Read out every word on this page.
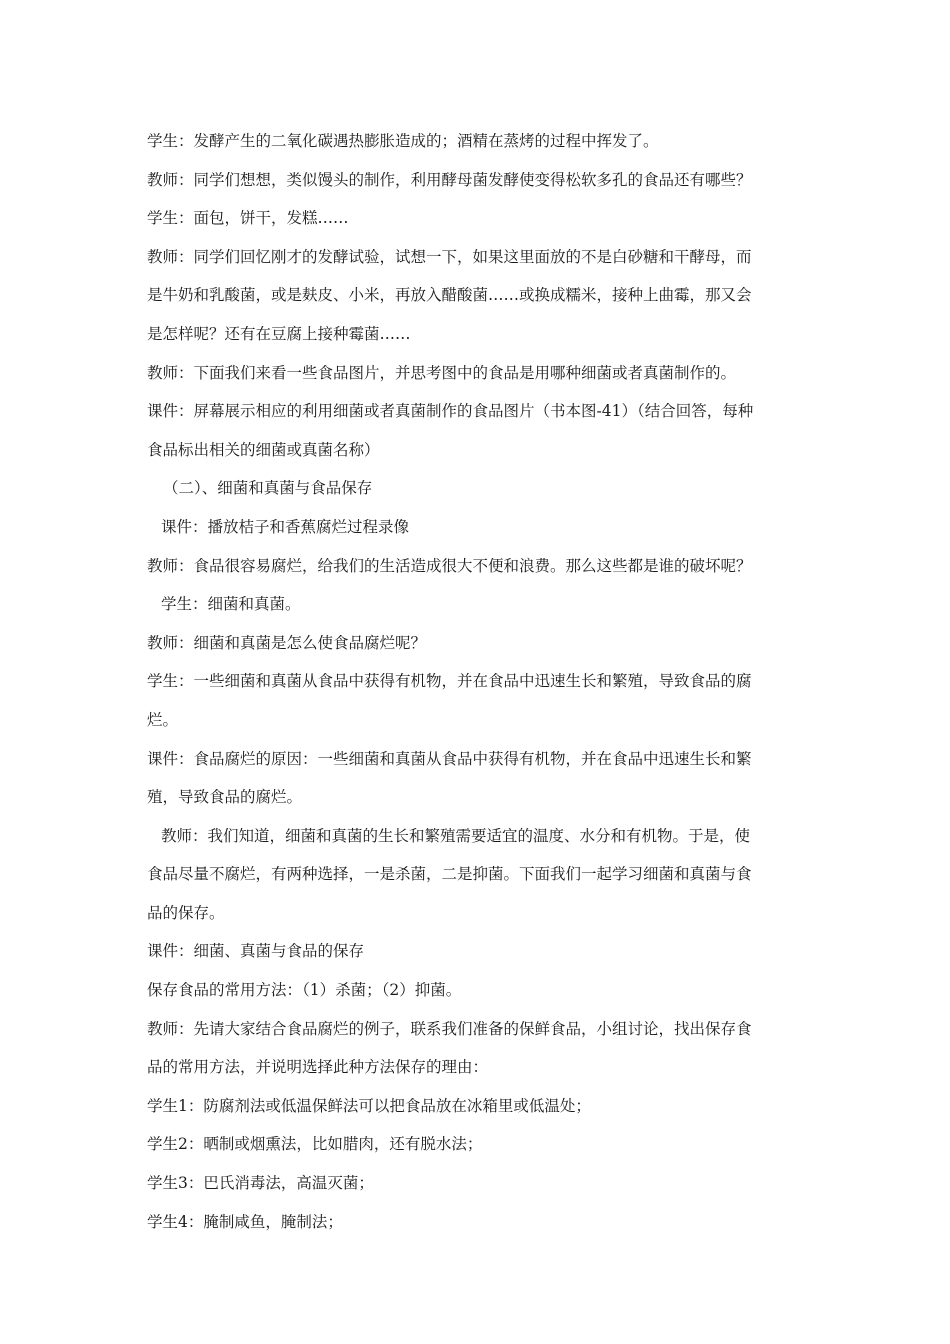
学生：发酵产生的二氧化碳遇热膨胀造成的；酒精在蒸烤的过程中挥发了。
教师：同学们想想，类似馒头的制作，利用酵母菌发酵使变得松软多孔的食品还有哪些？
学生：面包，饼干，发糕……
教师：同学们回忆刚才的发酵试验，试想一下，如果这里面放的不是白砂糖和干酵母，而
是牛奶和乳酸菌，或是麸皮、小米，再放入醋酸菌……或换成糯米，接种上曲霉，那又会
是怎样呢？还有在豆腐上接种霉菌……
教师：下面我们来看一些食品图片，并思考图中的食品是用哪种细菌或者真菌制作的。
课件：屏幕展示相应的利用细菌或者真菌制作的食品图片（书本图-41）（结合回答，每种
食品标出相关的细菌或真菌名称）
（二）、细菌和真菌与食品保存
课件：播放桔子和香蕉腐烂过程录像
教师：食品很容易腐烂，给我们的生活造成很大不便和浪费。那么这些都是谁的破坏呢？
学生：细菌和真菌。
教师：细菌和真菌是怎么使食品腐烂呢？
学生：一些细菌和真菌从食品中获得有机物，并在食品中迅速生长和繁殖，导致食品的腐
烂。
课件：食品腐烂的原因：一些细菌和真菌从食品中获得有机物，并在食品中迅速生长和繁
殖，导致食品的腐烂。
教师：我们知道，细菌和真菌的生长和繁殖需要适宜的温度、水分和有机物。于是，使
食品尽量不腐烂，有两种选择，一是杀菌，二是抑菌。下面我们一起学习细菌和真菌与食
品的保存。
课件：细菌、真菌与食品的保存
保存食品的常用方法：（1）杀菌；（2）抑菌。
教师：先请大家结合食品腐烂的例子，联系我们准备的保鲜食品，小组讨论，找出保存食
品的常用方法，并说明选择此种方法保存的理由：
学生1：防腐剂法或低温保鲜法可以把食品放在冰箱里或低温处；
学生2：晒制或烟熏法，比如腊肉，还有脱水法；
学生3：巴氏消毒法，高温灭菌；
学生4：腌制咸鱼，腌制法；
